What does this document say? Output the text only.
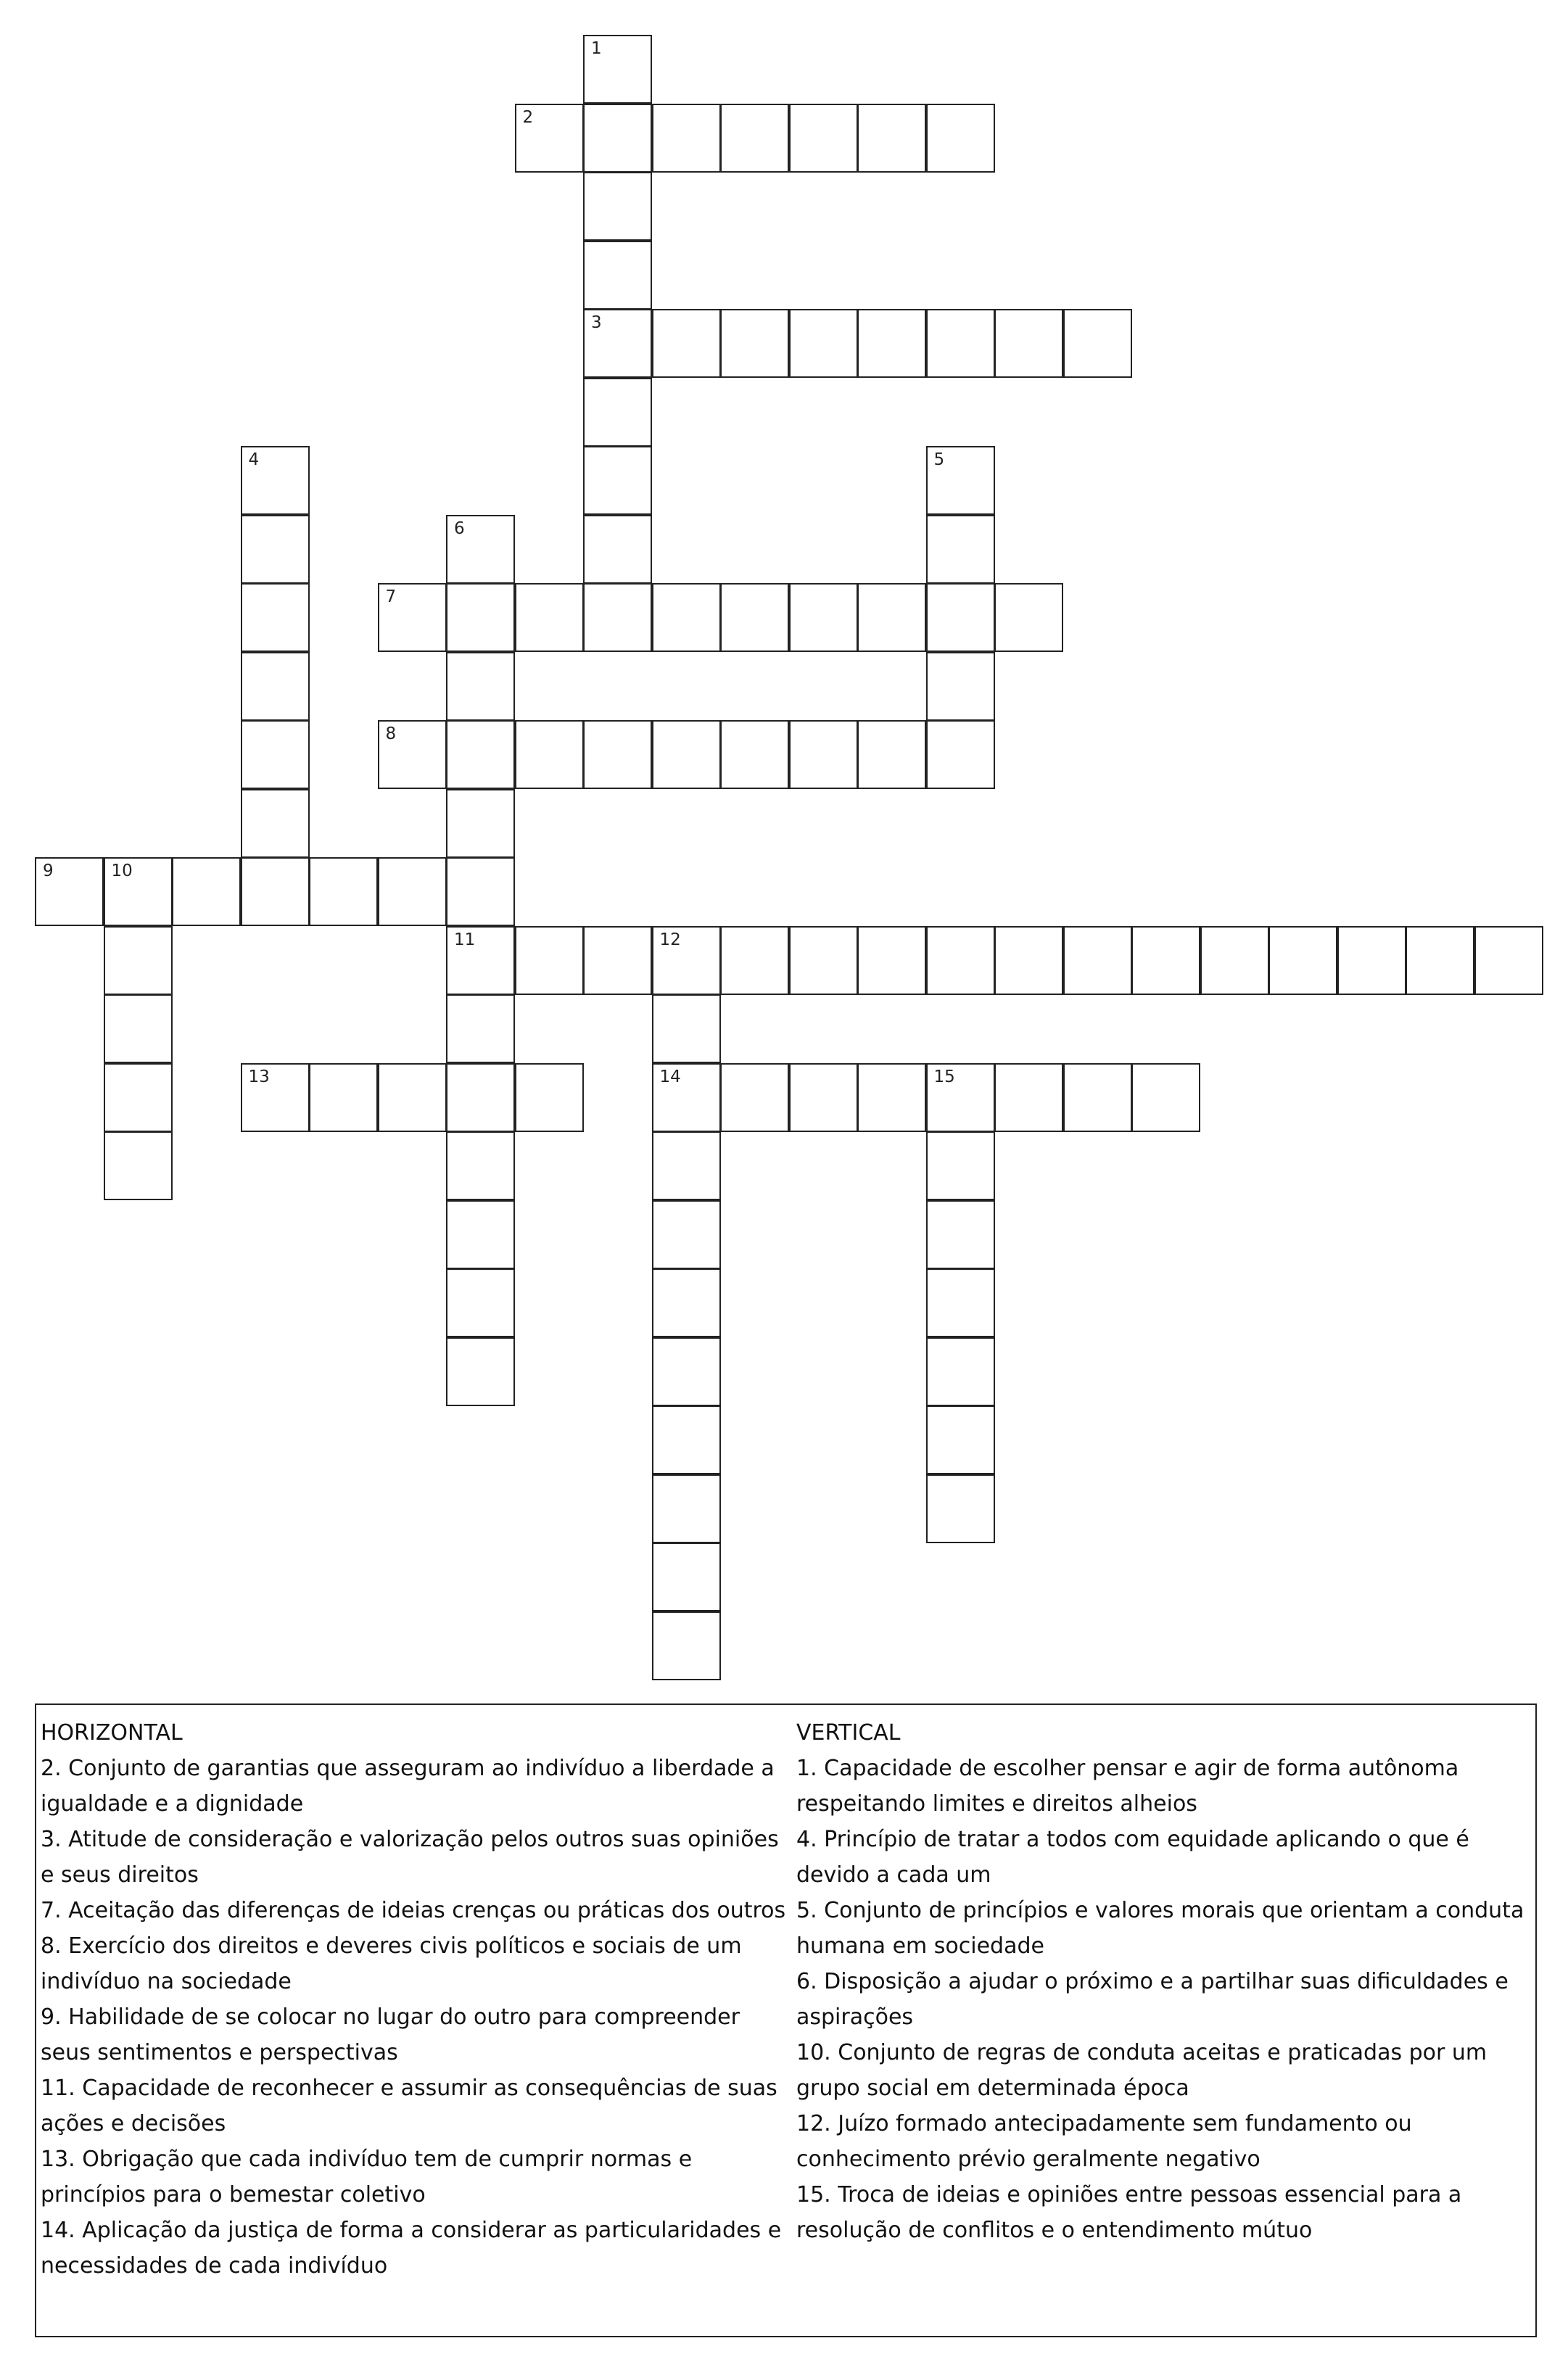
1
3
2
4	5
6
11
7
8
9	10
12
14
13	15
HORIZONTAL
2. Conjunto de garantias que asseguram ao indivíduo a liberdade a igualdade e a dignidade
3. Atitude de consideração e valorização pelos outros suas opiniões e seus direitos
7. Aceitação das diferenças de ideias crenças ou práticas dos outros
8. Exercício dos direitos e deveres civis políticos e sociais de um indivíduo na sociedade
9. Habilidade de se colocar no lugar do outro para compreender seus sentimentos e perspectivas
11. Capacidade de reconhecer e assumir as consequências de suas ações e decisões
13. Obrigação que cada indivíduo tem de cumprir normas e princípios para o bemestar coletivo
14. Aplicação da justiça de forma a considerar as particularidades e necessidades de cada indivíduo
VERTICAL
1. Capacidade de escolher pensar e agir de forma autônoma respeitando limites e direitos alheios
4. Princípio de tratar a todos com equidade aplicando o que é devido a cada um
5. Conjunto de princípios e valores morais que orientam a conduta humana em sociedade
6. Disposição a ajudar o próximo e a partilhar suas dificuldades e aspirações
10. Conjunto de regras de conduta aceitas e praticadas por um grupo social em determinada época
12. Juízo formado antecipadamente sem fundamento ou conhecimento prévio geralmente negativo
15. Troca de ideias e opiniões entre pessoas essencial para a resolução de conflitos e o entendimento mútuo
